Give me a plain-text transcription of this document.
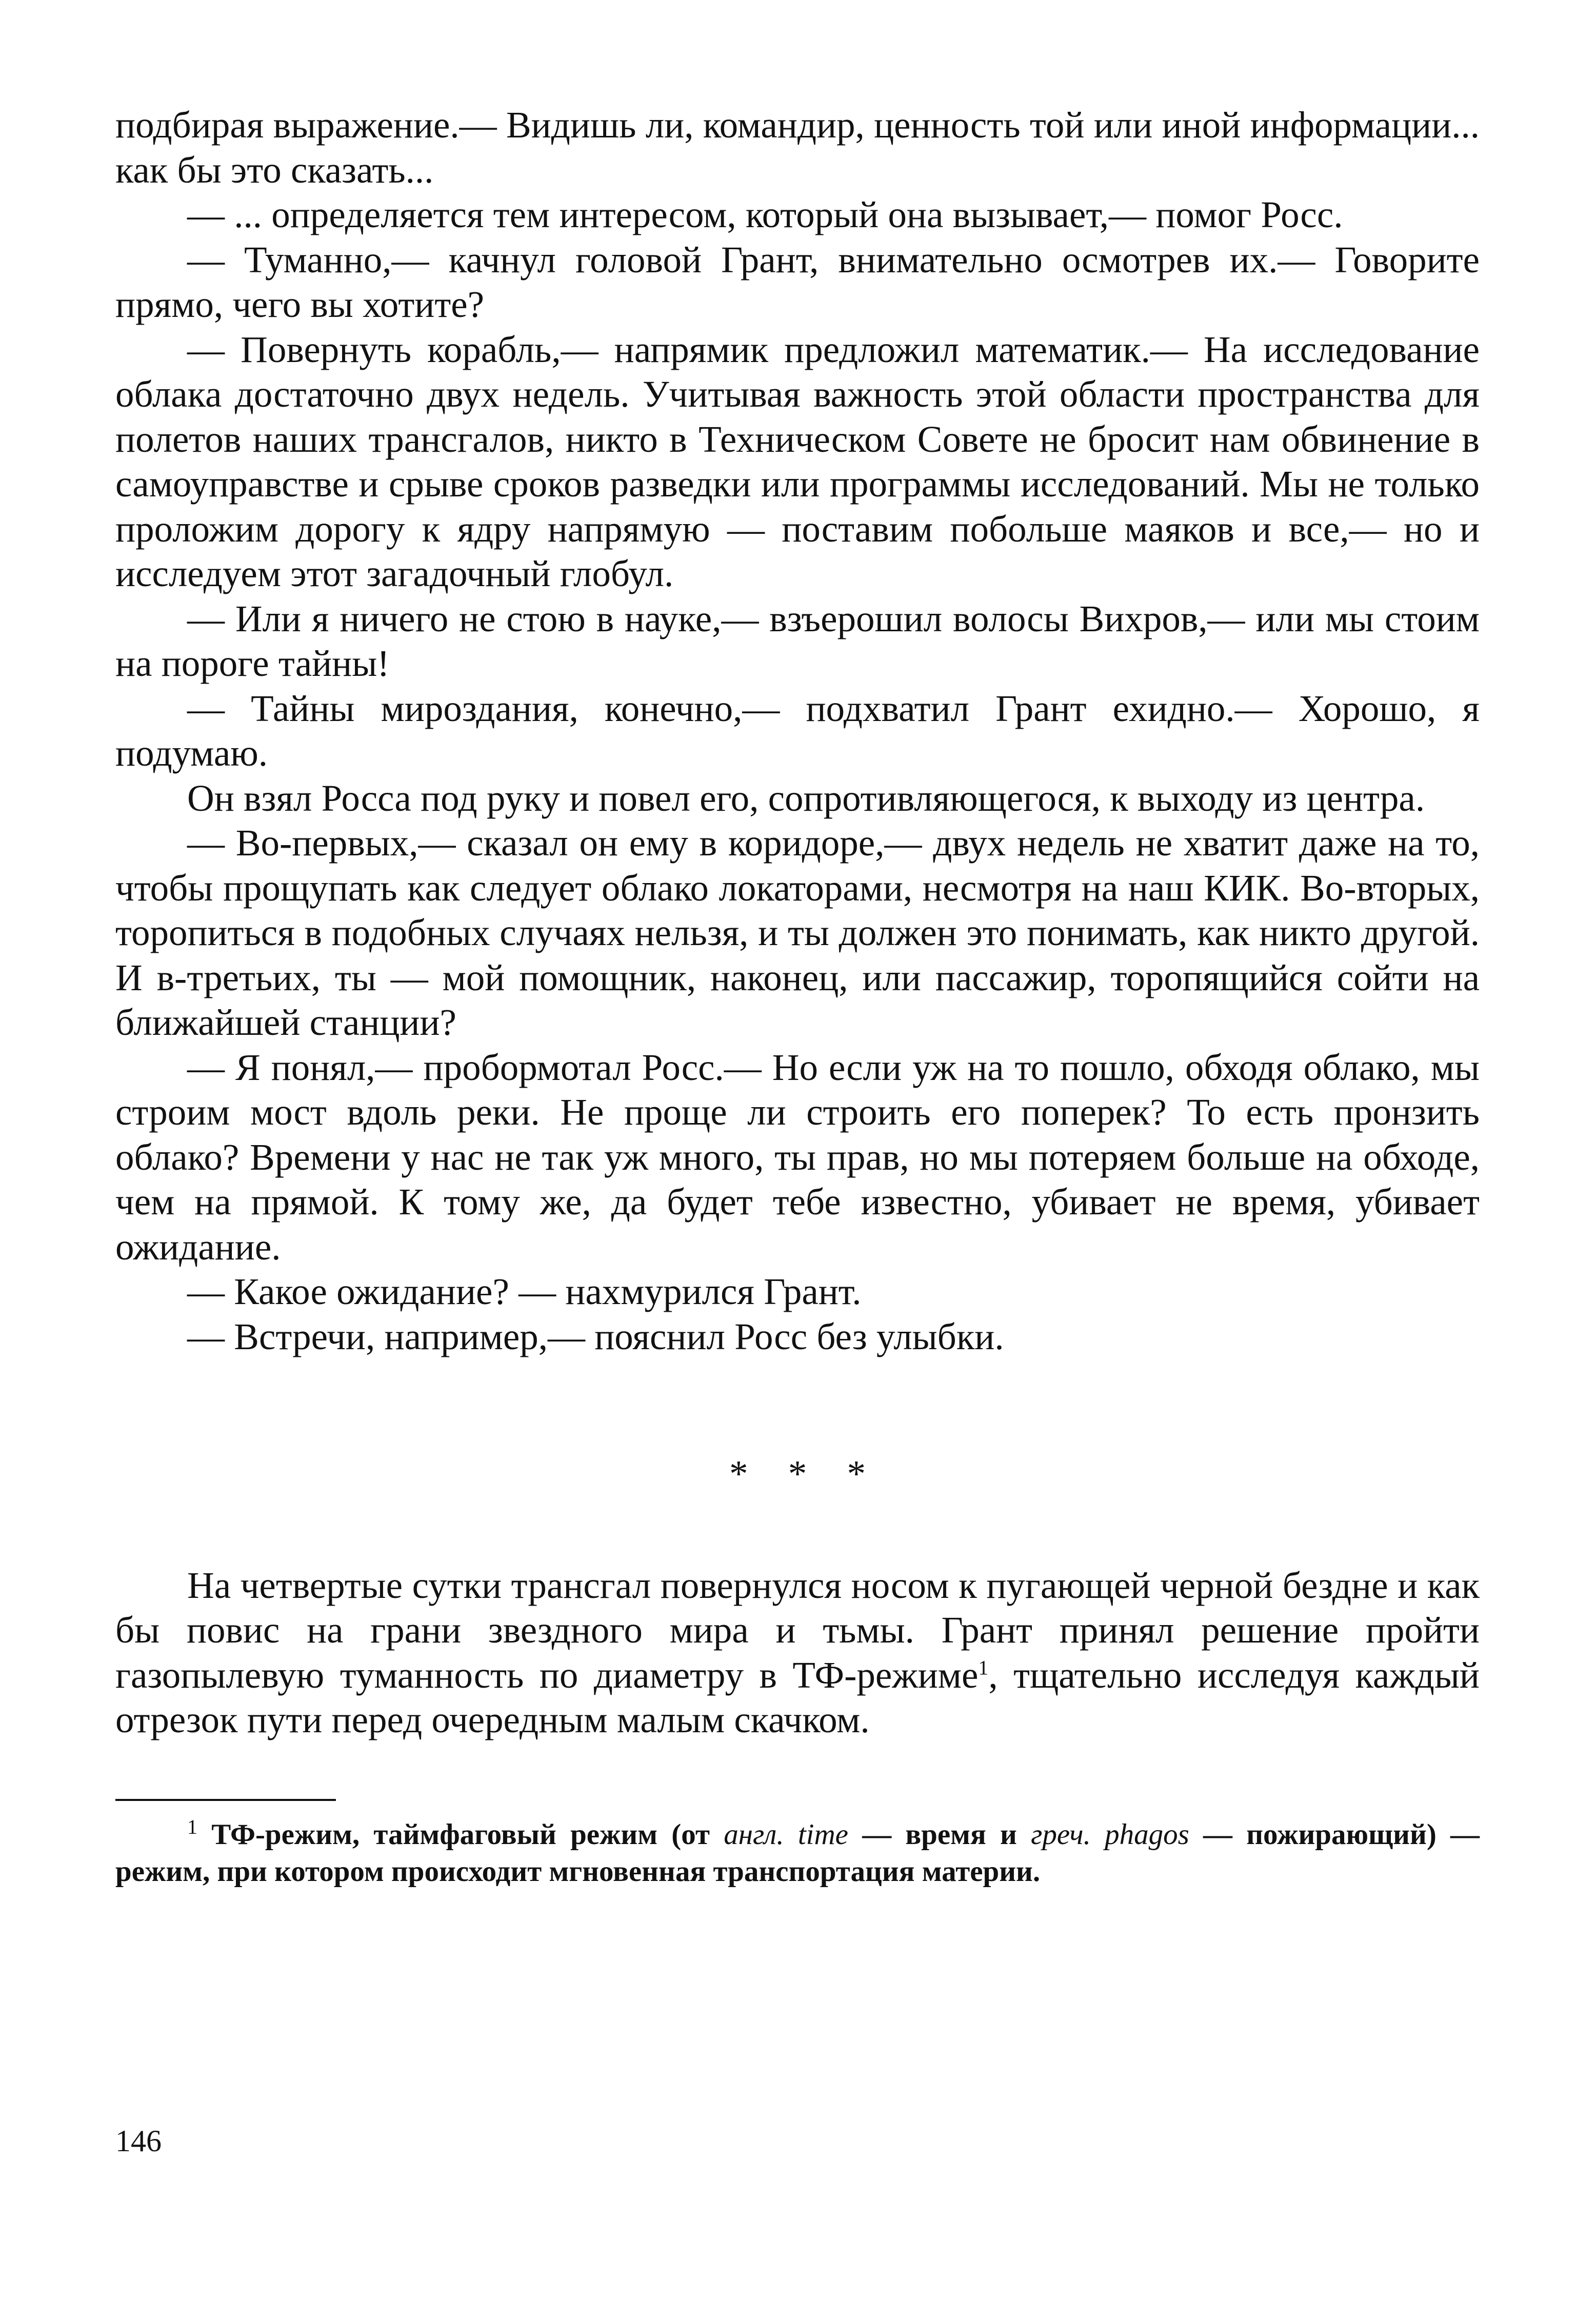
подбирая выражение.— Видишь ли, командир, ценность той или иной информации... как бы это сказать...

— ... определяется тем интересом, который она вызывает,— помог Росс.

— Туманно,— качнул головой Грант, внимательно осмотрев их.— Говорите прямо, чего вы хотите?

— Повернуть корабль,— напрямик предложил математик.— На исследование облака достаточно двух недель. Учитывая важность этой области пространства для полетов наших трансгалов, никто в Техническом Совете не бросит нам обвинение в самоуправстве и срыве сроков разведки или программы исследований. Мы не только проложим дорогу к ядру напрямую — поставим побольше маяков и все,— но и исследуем этот загадочный глобул.

— Или я ничего не стою в науке,— взъерошил волосы Вихров,— или мы стоим на пороге тайны!

— Тайны мироздания, конечно,— подхватил Грант ехидно.— Хорошо, я подумаю.

Он взял Росса под руку и повел его, сопротивляющегося, к выходу из центра.

— Во-первых,— сказал он ему в коридоре,— двух недель не хватит даже на то, чтобы прощупать как следует облако локаторами, несмотря на наш КИК. Во-вторых, торопиться в подобных случаях нельзя, и ты должен это понимать, как никто другой. И в-третьих, ты — мой помощник, наконец, или пассажир, торопящийся сойти на ближайшей станции?

— Я понял,— пробормотал Росс.— Но если уж на то пошло, обходя облако, мы строим мост вдоль реки. Не проще ли строить его поперек? То есть пронзить облако? Времени у нас не так уж много, ты прав, но мы потеряем больше на обходе, чем на прямой. К тому же, да будет тебе известно, убивает не время, убивает ожидание.

— Какое ожидание? — нахмурился Грант.

— Встречи, например,— пояснил Росс без улыбки.

* * *

На четвертые сутки трансгал повернулся носом к пугающей черной бездне и как бы повис на грани звездного мира и тьмы. Грант принял решение пройти газопылевую туманность по диаметру в ТФ-режиме$^1$, тщательно исследуя каждый отрезок пути перед очередным малым скачком.

$^1$ ТФ-режим, таймфаговый режим (от англ. time — время и греч. phagos — пожирающий) — режим, при котором происходит мгновенная транспортация материи.

146
